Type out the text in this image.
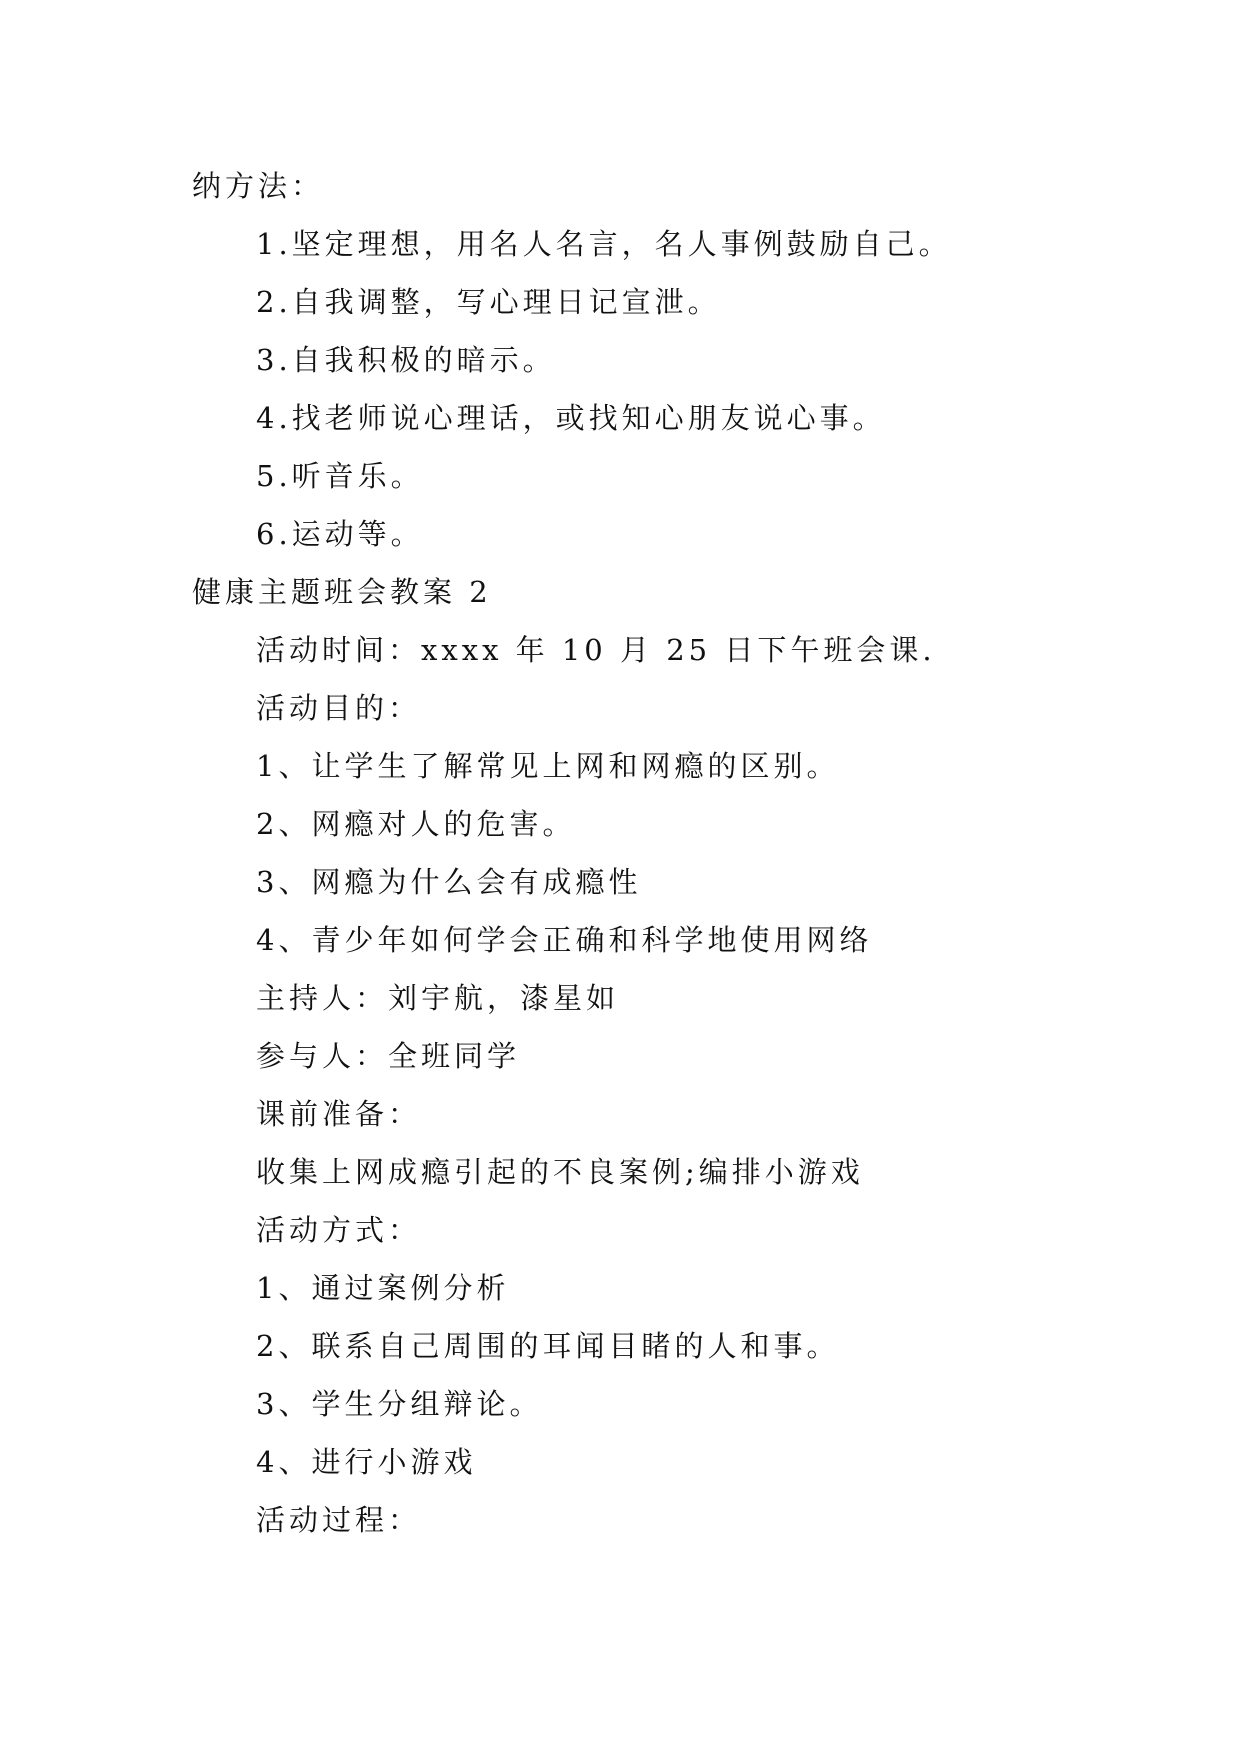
纳方法：
1.坚定理想，用名人名言，名人事例鼓励自己。
2.自我调整，写心理日记宣泄。
3.自我积极的暗示。
4.找老师说心理话，或找知心朋友说心事。
5.听音乐。
6.运动等。
健康主题班会教案 2
活动时间：xxxx 年 10 月 25 日下午班会课.
活动目的：
1、让学生了解常见上网和网瘾的区别。
2、网瘾对人的危害。
3、网瘾为什么会有成瘾性
4、青少年如何学会正确和科学地使用网络
主持人：刘宇航，漆星如
参与人：全班同学
课前准备：
收集上网成瘾引起的不良案例;编排小游戏
活动方式：
1、通过案例分析
2、联系自己周围的耳闻目睹的人和事。
3、学生分组辩论。
4、进行小游戏
活动过程：
